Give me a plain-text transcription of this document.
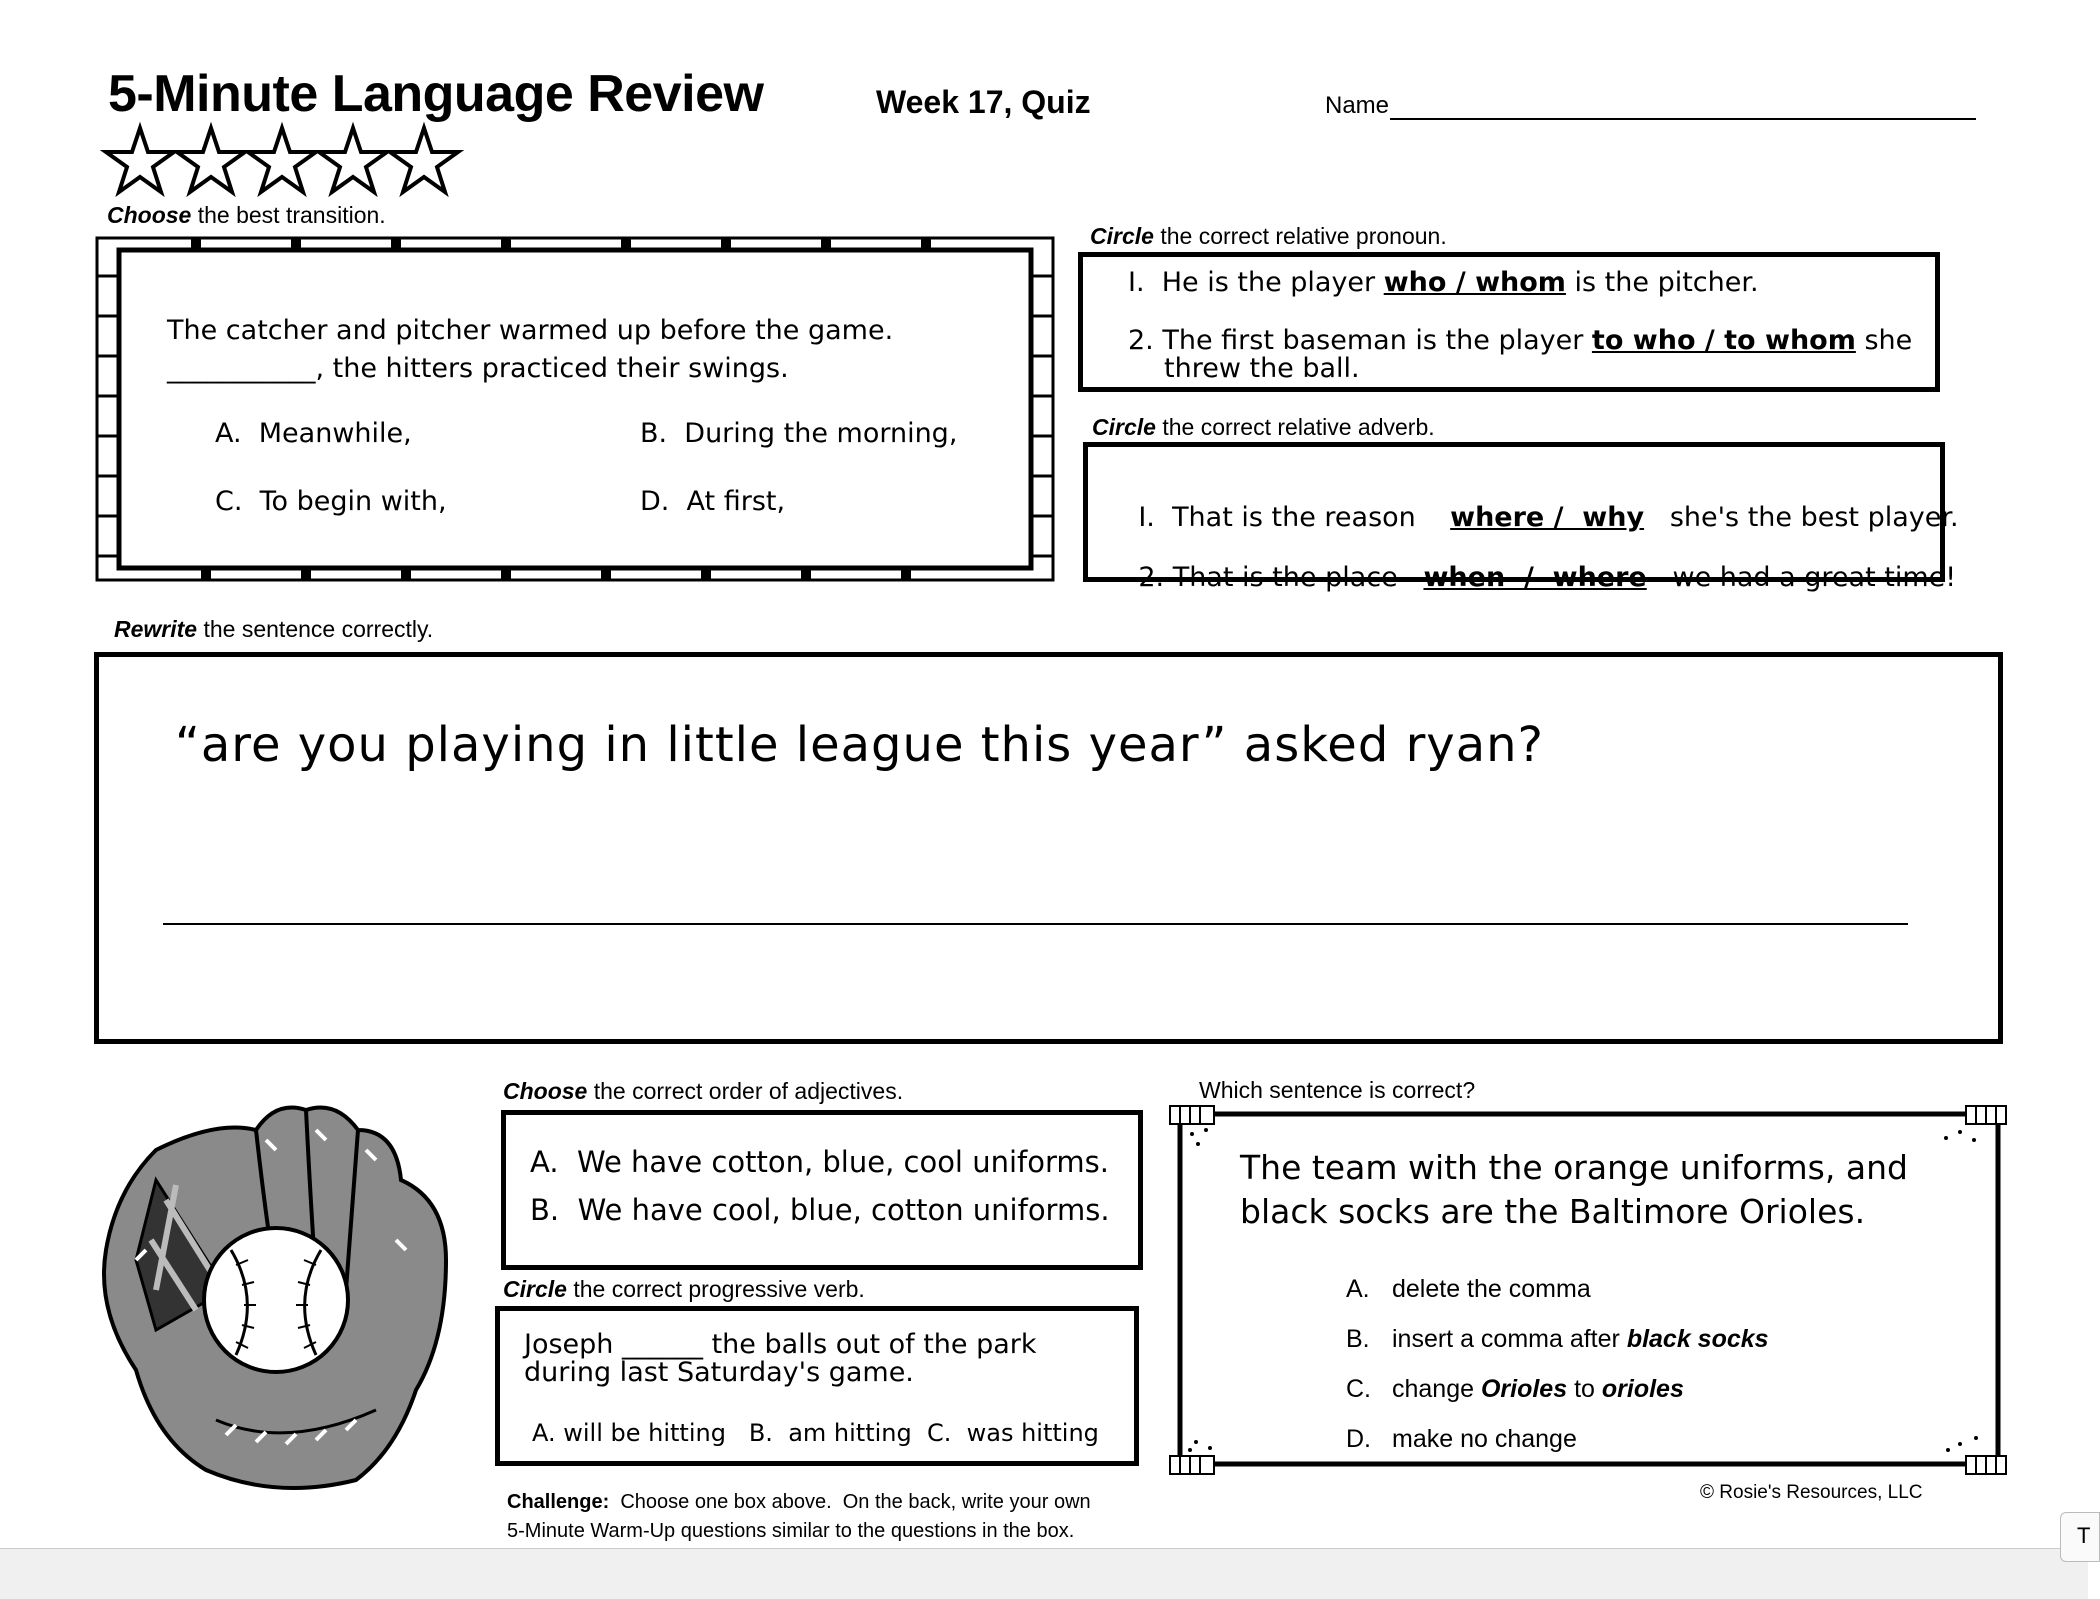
5-Minute Language Review	Week 17, Quiz	Name
Choose the best transition.
The catcher and pitcher warmed up before the game.
___________, the hitters practiced their swings.
A. Meanwhile,	B. During the morning,
C. To begin with,	D. At first,
Circle the correct relative pronoun.
I. He is the player who / whom is the pitcher.
2. The first baseman is the player to who / to whom she
threw the ball.
Circle the correct relative adverb.

I. That is the reason where /  why she's the best player.

2. That is the place when  /  where we had a great time!

Rewrite the sentence correctly.
“are you playing in little league this year” asked ryan?
Choose the correct order of adjectives.
A. We have cotton, blue, cool uniforms.
B. We have cool, blue, cotton uniforms.
Circle the correct progressive verb.
Joseph ______ the balls out of the park
during last Saturday's game.
A. will be hitting   B.  am hitting  C.  was hitting
Challenge:  Choose one box above.  On the back, write your own
5-Minute Warm-Up questions similar to the questions in the box.
Which sentence is correct?
The team with the orange uniforms, and
black socks are the Baltimore Orioles.
A. delete the comma
B. insert a comma after black socks
C. change Orioles to orioles
D. make no change
© Rosie's Resources, LLC
T
